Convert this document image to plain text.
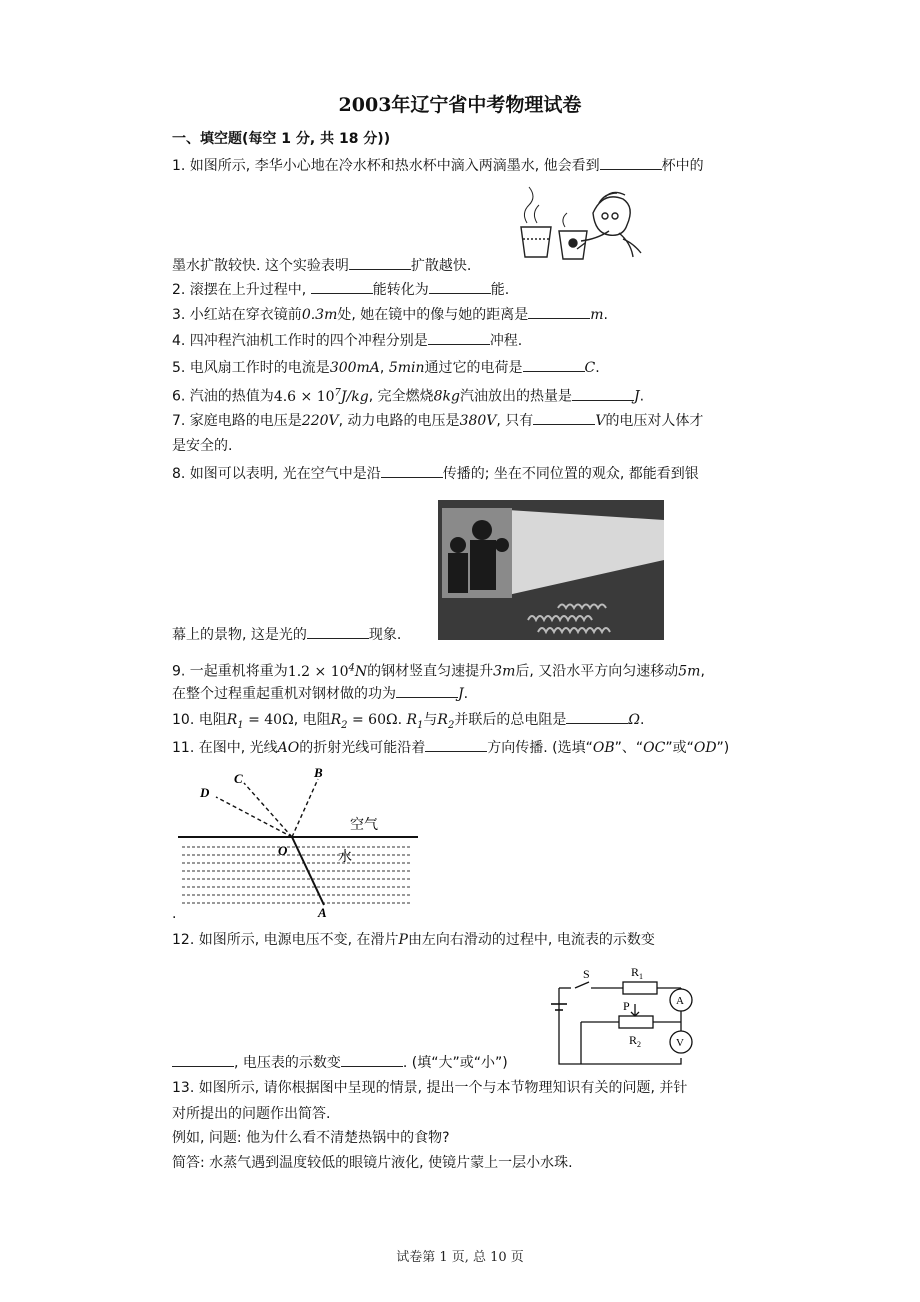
2003年辽宁省中考物理试卷
一、填空题(每空 1 分, 共 18 分))
1. 如图所示, 李华小心地在冷水杯和热水杯中滴入两滴墨水, 他会看到	杯中的
墨水扩散较快. 这个实验表明	扩散越快.
2. 滚摆在上升过程中,	能转化为	能.
3. 小红站在穿衣镜前0.3m处, 她在镜中的像与她的距离是	m.
4. 四冲程汽油机工作时的四个冲程分别是	冲程.
5. 电风扇工作时的电流是300mA, 5min通过它的电荷是	C.
6. 汽油的热值为$4.6 \times 10^7J/kg$, 完全燃烧8kg汽油放出的热量是	J.
7. 家庭电路的电压是220V, 动力电路的电压是380V, 只有	V的电压对人体才
是安全的.
8. 如图可以表明, 光在空气中是沿	传播的; 坐在不同位置的观众, 都能看到银
幕上的景物, 这是光的	现象.
9. 一起重机将重为$1.2 \times 10^4N$的钢材竖直匀速提升3m后, 又沿水平方向匀速移动5m,
在整个过程重起重机对钢材做的功为	J.
10. 电阻$R_1 = 40\Omega$, 电阻$R_2 = 60\Omega$. $R_1$与$R_2$并联后的总电阻是	Ω.
11. 在图中, 光线AO的折射光线可能沿着	方向传播. (选填“OB”、“OC”或“OD”)
B
C
D
O
A
空气
水
.
12. 如图所示, 电源电压不变, 在滑片P由左向右滑动的过程中, 电流表的示数变
S	$R_1$
P
$R_2$
A
V
, 电压表的示数变	. (填“大”或“小”)
13. 如图所示, 请你根据图中呈现的情景, 提出一个与本节物理知识有关的问题, 并针
对所提出的问题作出简答.
例如, 问题: 他为什么看不清楚热锅中的食物?
简答: 水蒸气遇到温度较低的眼镜片液化, 使镜片蒙上一层小水珠.
试卷第 1 页, 总 10 页
